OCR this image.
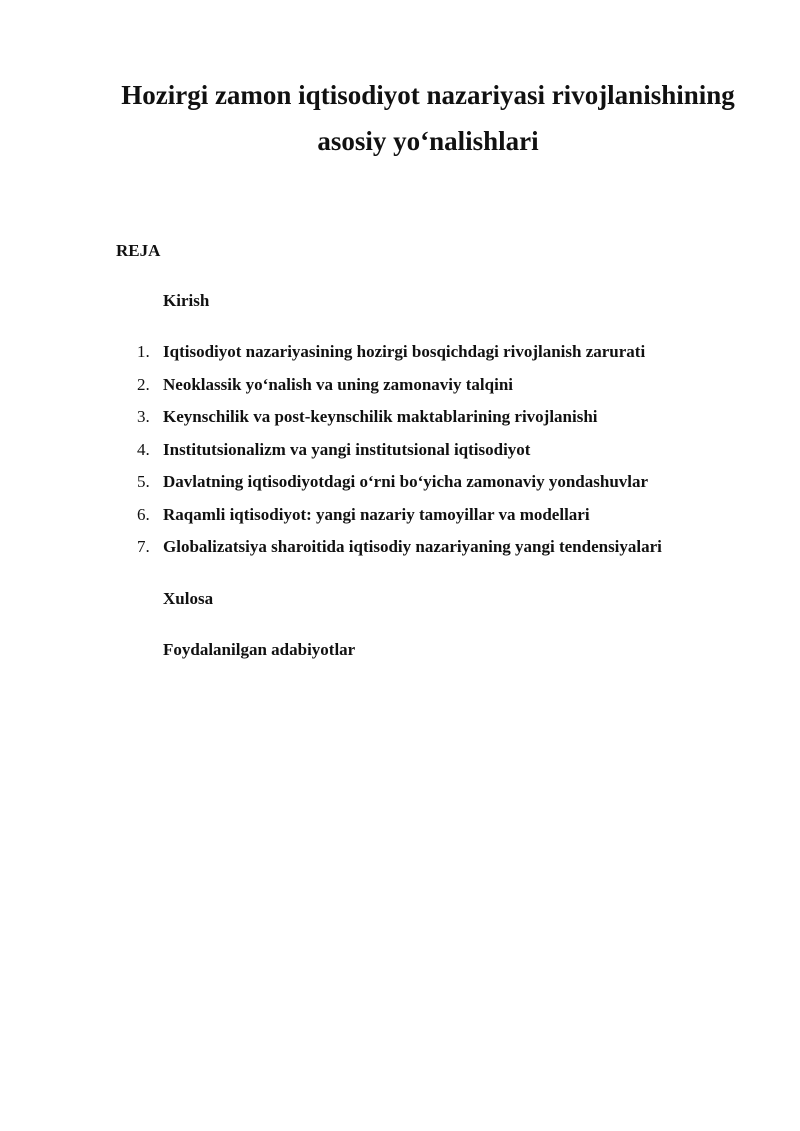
Hozirgi zamon iqtisodiyot nazariyasi rivojlanishining asosiy yo‘nalishlari
REJA
Kirish
1. Iqtisodiyot nazariyasining hozirgi bosqichdagi rivojlanish zarurati
2. Neoklassik yo‘nalish va uning zamonaviy talqini
3. Keynschilik va post-keynschilik maktablarining rivojlanishi
4. Institutsionalizm va yangi institutsional iqtisodiyot
5. Davlatning iqtisodiyotdagi o‘rni bo‘yicha zamonaviy yondashuvlar
6. Raqamli iqtisodiyot: yangi nazariy tamoyillar va modellari
7. Globalizatsiya sharoitida iqtisodiy nazariyaning yangi tendensiyalari
Xulosa
Foydalanilgan adabiyotlar
